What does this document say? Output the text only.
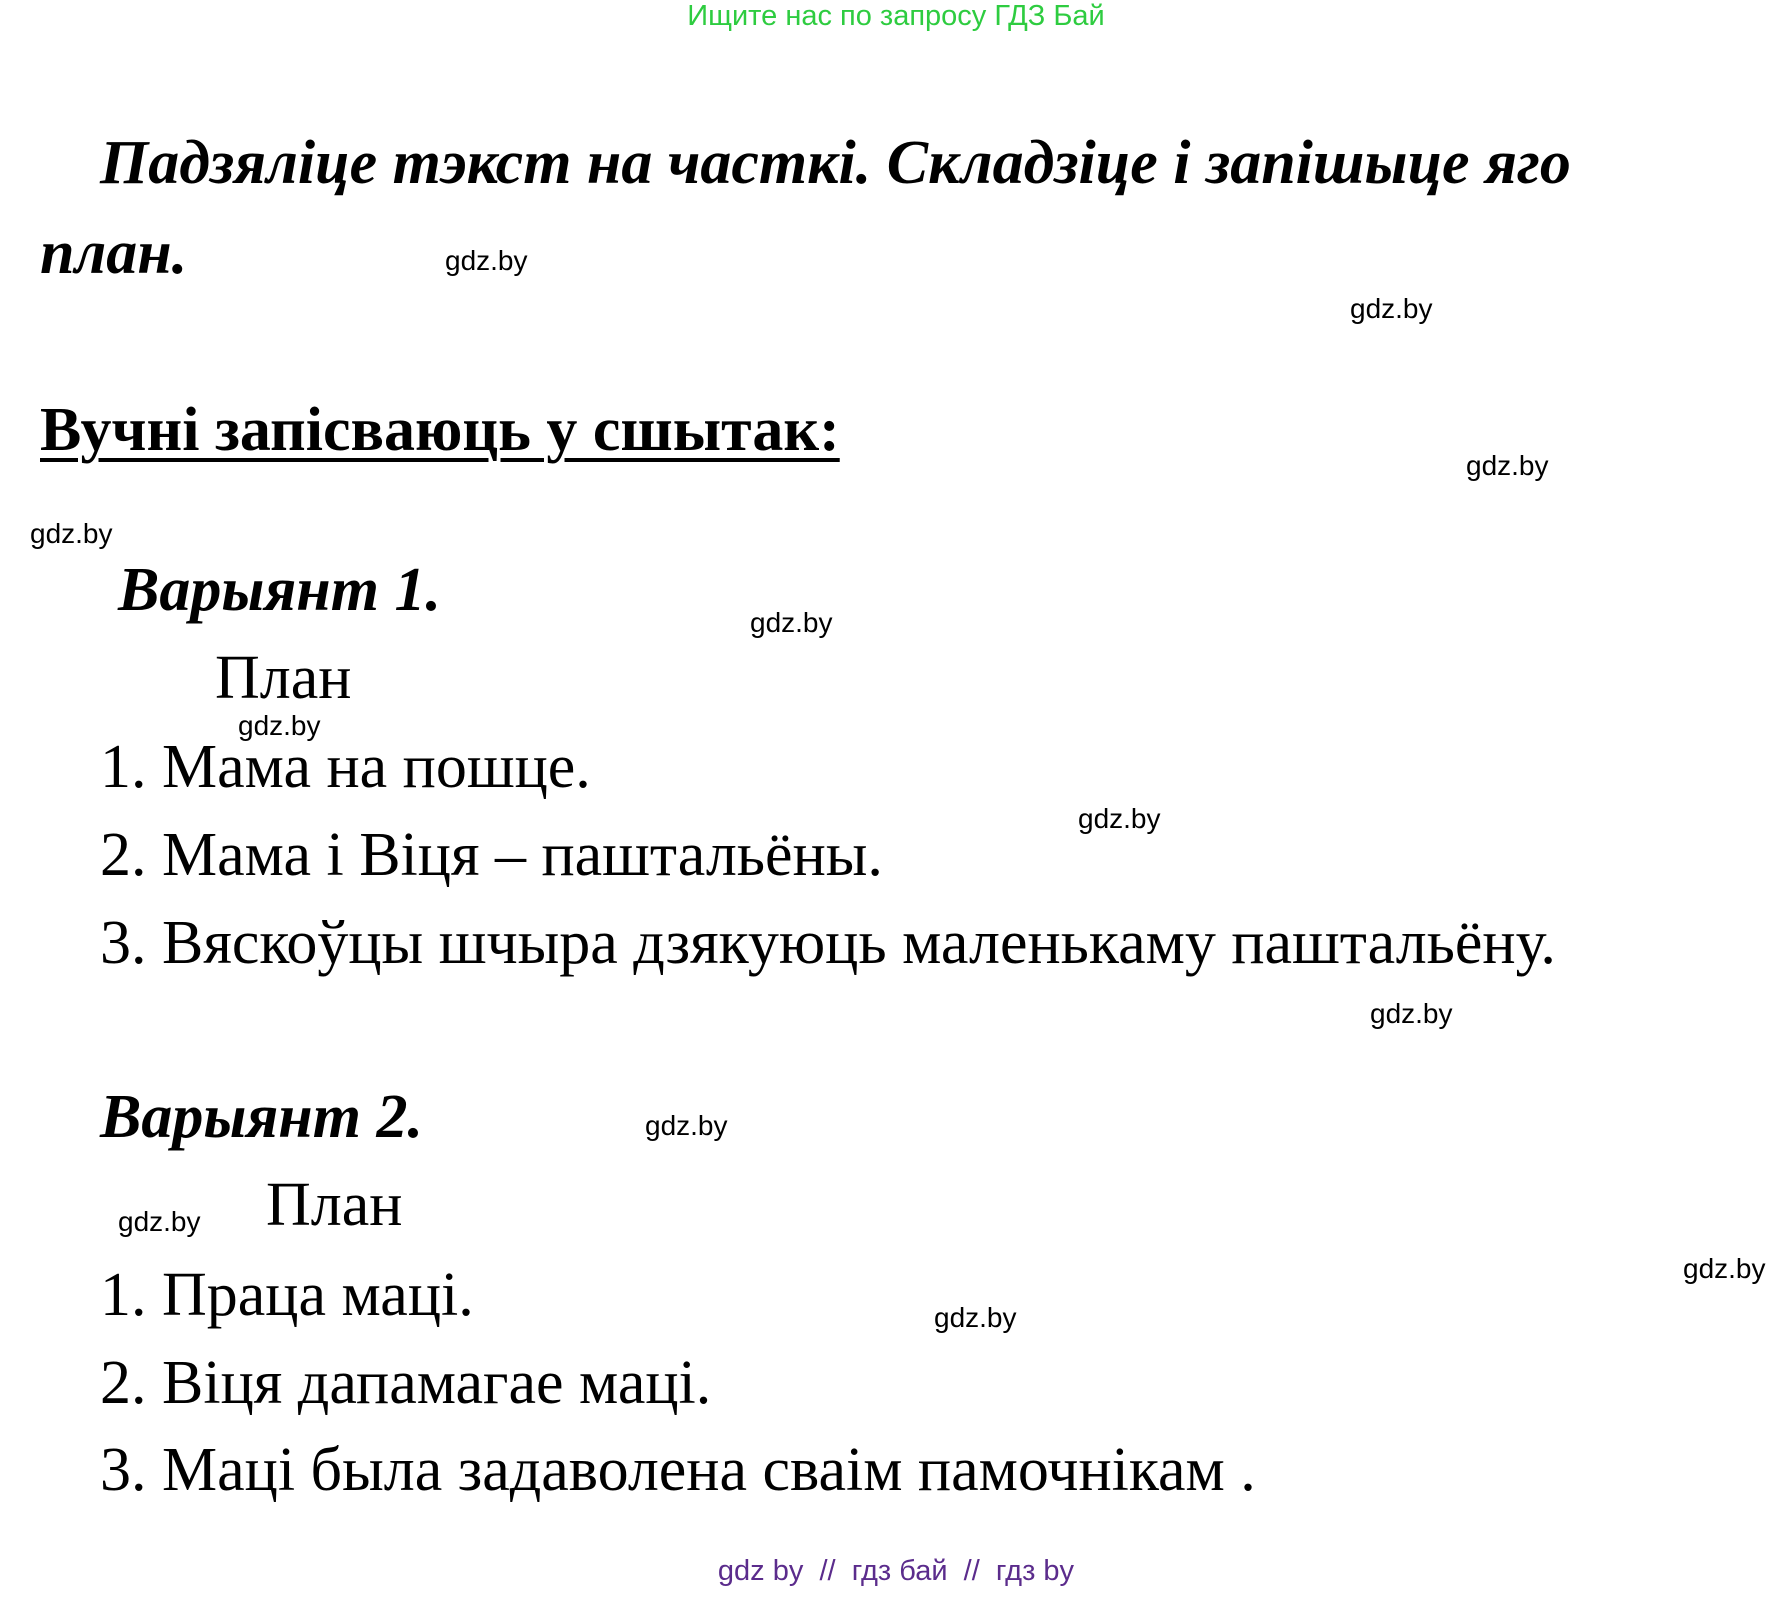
Ищите нас по запросу ГДЗ Бай
Падзяліце тэкст на часткі. Складзіце і запішыце яго
план.
Вучні запісваюць у сшытак:
Варыянт 1.
План
1. Мама на пошце.
2. Мама і Віця – паштальёны.
3. Вяскоўцы шчыра дзякуюць маленькаму паштальёну.
Варыянт 2.
План
1. Праца маці.
2. Віця дапамагае маці.
3. Маці была задаволена сваім памочнікам .
gdz.by
gdz.by
gdz.by
gdz.by
gdz.by
gdz.by
gdz.by
gdz.by
gdz.by
gdz.by
gdz.by
gdz.by
gdz by  //  гдз бай  //  гдз by
